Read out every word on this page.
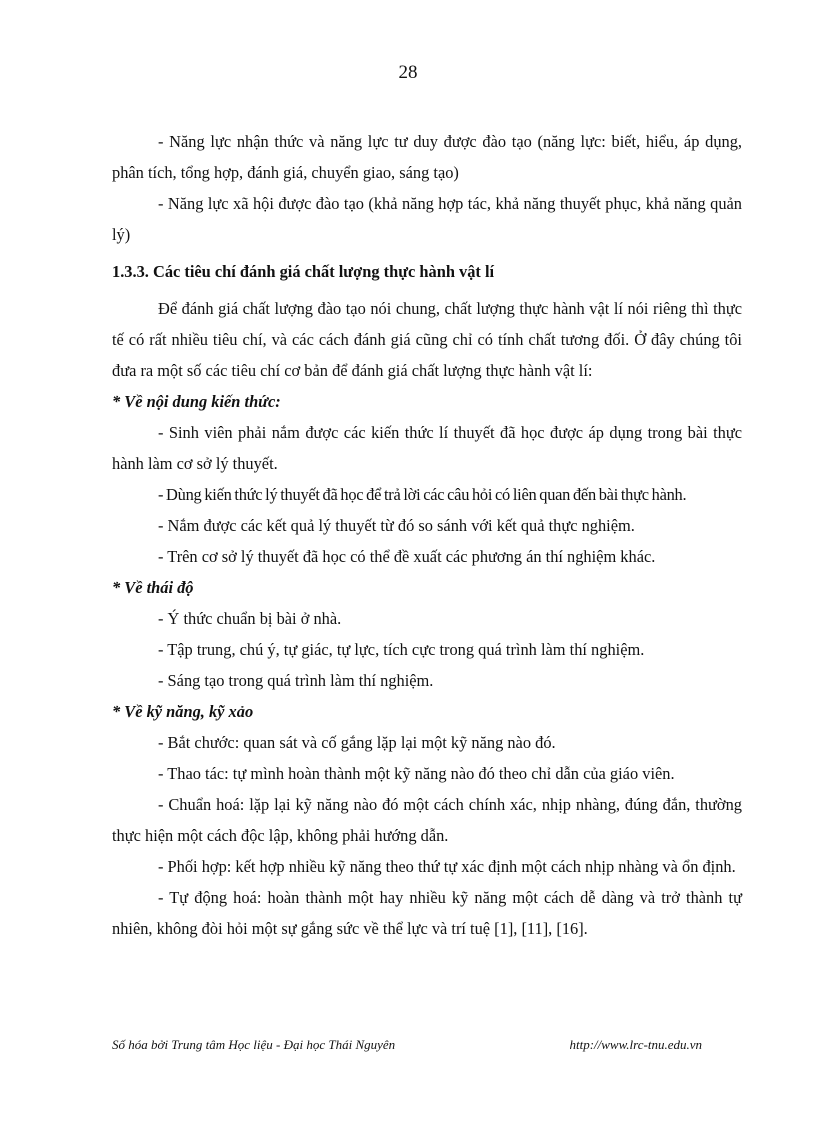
28

- Năng lực nhận thức và năng lực tư duy được đào tạo (năng lực: biết, hiểu, áp dụng, phân tích, tổng hợp, đánh giá, chuyển giao, sáng tạo)

- Năng lực xã hội được đào tạo (khả năng hợp tác, khả năng thuyết phục, khả năng quản lý)

1.3.3. Các tiêu chí đánh giá chất lượng thực hành vật lí

Để đánh giá chất lượng đào tạo nói chung, chất lượng thực hành vật lí nói riêng thì thực tế có rất nhiều tiêu chí, và các cách đánh giá cũng chỉ có tính chất tương đối. Ở đây chúng tôi đưa ra một số các tiêu chí cơ bản để đánh giá chất lượng thực hành vật lí:

* Về nội dung kiến thức:

- Sinh viên phải nắm được các kiến thức lí thuyết đã học được áp dụng trong bài thực hành làm cơ sở lý thuyết.

- Dùng kiến thức lý thuyết đã học để trả lời các câu hỏi có liên quan đến bài thực hành.

- Nắm được các kết quả lý thuyết từ đó so sánh với kết quả thực nghiệm.

- Trên cơ sở lý thuyết đã học có thể đề xuất các phương án thí nghiệm khác.

* Về thái độ

- Ý thức chuẩn bị bài ở nhà.

- Tập trung, chú ý, tự giác, tự lực, tích cực trong quá trình làm thí nghiệm.

- Sáng tạo trong quá trình làm thí nghiệm.

* Về kỹ năng, kỹ xảo

- Bắt chước: quan sát và cố gắng lặp lại một kỹ năng nào đó.

- Thao tác: tự mình hoàn thành một kỹ năng nào đó theo chỉ dẫn của giáo viên.

- Chuẩn hoá: lặp lại kỹ năng nào đó một cách chính xác, nhịp nhàng, đúng đắn, thường thực hiện một cách độc lập, không phải hướng dẫn.

- Phối hợp: kết hợp nhiều kỹ năng theo thứ tự xác định một cách nhịp nhàng và ổn định.

- Tự động hoá: hoàn thành một hay nhiều kỹ năng một cách dễ dàng và trở thành tự nhiên, không đòi hỏi một sự gắng sức về thể lực và trí tuệ [1], [11], [16].

Số hóa bởi Trung tâm Học liệu - Đại học Thái Nguyên	http://www.lrc-tnu.edu.vn
